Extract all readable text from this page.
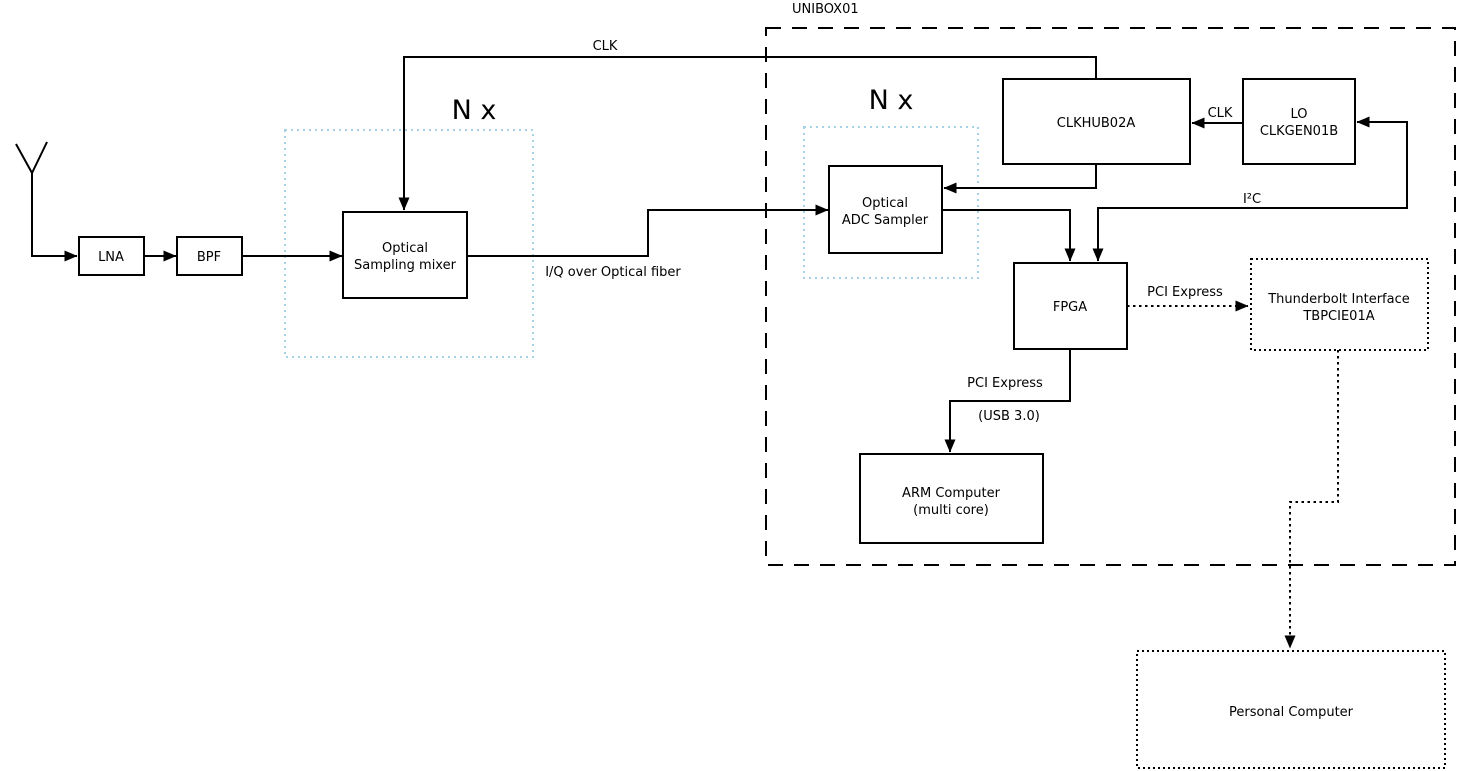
UNIBOX01
N x	N x
LNA	BPF
Optical
Sampling mixer
Optical
ADC Sampler
CLKHUB02A
LO
CLKGEN01B
FPGA
ARM Computer
(multi core)
Thunderbolt Interface
TBPCIE01A
Personal Computer
CLK
I/Q over Optical fiber
CLK
I²C
PCI Express
PCI Express
(USB 3.0)
